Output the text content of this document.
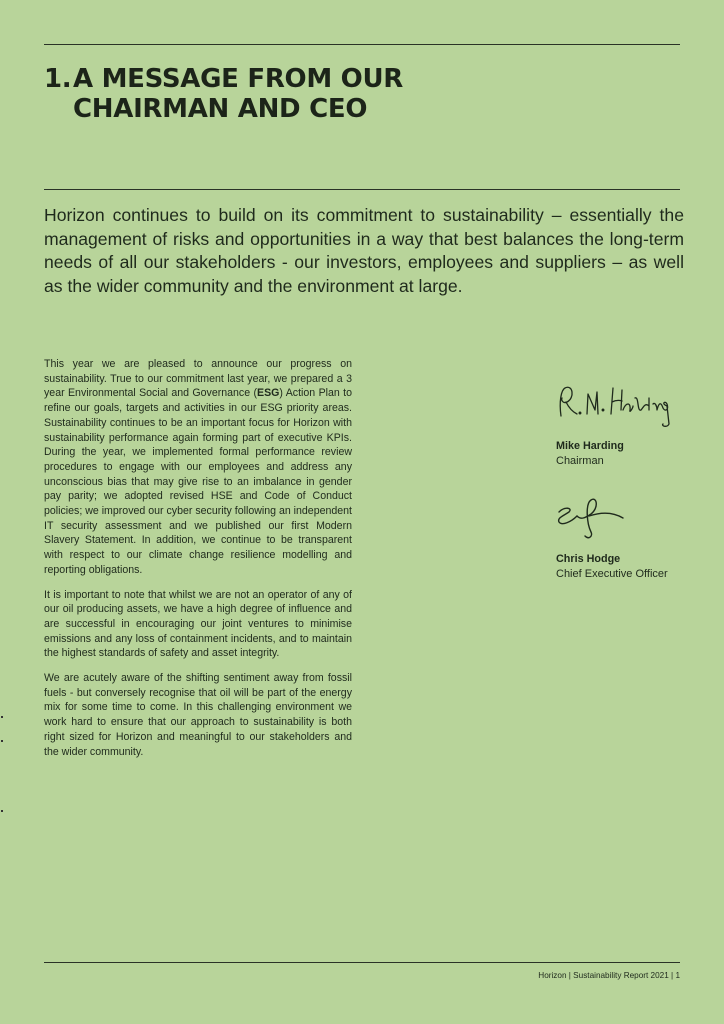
1.A MESSAGE FROM OUR
CHAIRMAN AND CEO

Horizon continues to build on its commitment to sustainability – essentially the management of risks and opportunities in a way that best balances the long-term needs of all our stakeholders - our investors, employees and suppliers – as well as the wider community and the environment at large.

This year we are pleased to announce our progress on sustainability. True to our commitment last year, we prepared a 3 year Environmental Social and Governance (ESG) Action Plan to refine our goals, targets and activities in our ESG priority areas. Sustainability continues to be an important focus for Horizon with sustainability performance again forming part of executive KPIs. During the year, we implemented formal performance review procedures to engage with our employees and address any unconscious bias that may give rise to an imbalance in gender pay parity; we adopted revised HSE and Code of Conduct policies; we improved our cyber security following an independent IT security assessment and we published our first Modern Slavery Statement. In addition, we continue to be transparent with respect to our climate change resilience modelling and reporting obligations.

It is important to note that whilst we are not an operator of any of our oil producing assets, we have a high degree of influence and are successful in encouraging our joint ventures to minimise emissions and any loss of containment incidents, and to maintain the highest standards of safety and asset integrity.

We are acutely aware of the shifting sentiment away from fossil fuels - but conversely recognise that oil will be part of the energy mix for some time to come. In this challenging environment we work hard to ensure that our approach to sustainability is both right sized for Horizon and meaningful to our stakeholders and the wider community.

Mike Harding
Chairman
Chris Hodge
Chief Executive Officer
Horizon | Sustainability Report 2021 | 1
